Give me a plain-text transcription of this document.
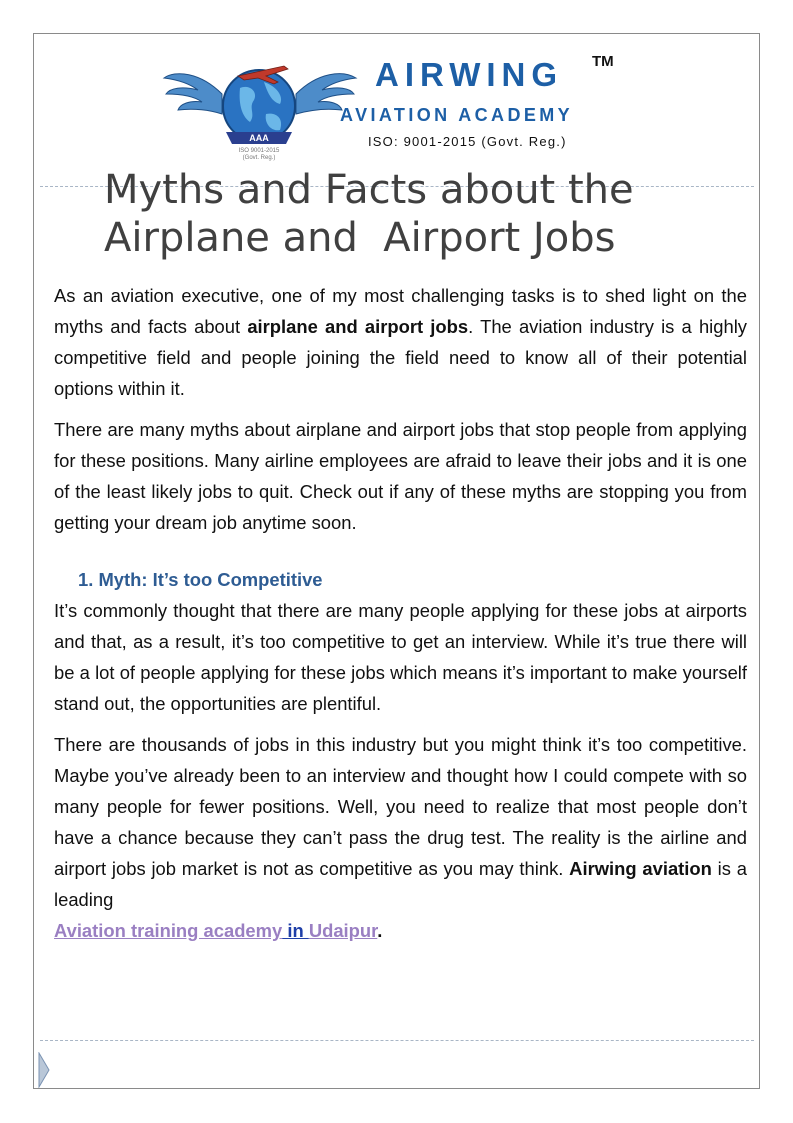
AAA
ISO 9001-2015
(Govt. Reg.)
AIRWING TM
AVIATION ACADEMY
ISO: 9001-2015 (Govt. Reg.)
Myths and Facts about the
Airplane and  Airport Jobs

As an aviation executive, one of my most challenging tasks is to shed light on the myths and facts about airplane and airport jobs. The aviation industry is a highly competitive field and people joining the field need to know all of their potential options within it.

There are many myths about airplane and airport jobs that stop people from applying for these positions. Many airline employees are afraid to leave their jobs and it is one of the least likely jobs to quit. Check out if any of these myths are stopping you from getting your dream job anytime soon.

1. Myth: It’s too Competitive

It’s commonly thought that there are many people applying for these jobs at airports and that, as a result, it’s too competitive to get an interview. While it’s true there will be a lot of people applying for these jobs which means it’s important to make yourself stand out, the opportunities are plentiful.

There are thousands of jobs in this industry but you might think it’s too competitive. Maybe you’ve already been to an interview and thought how I could compete with so many people for fewer positions. Well, you need to realize that most people don’t have a chance because they can’t pass the drug test. The reality is the airline and airport jobs job market is not as competitive as you may think. Airwing aviation is a leading
Aviation training academy in Udaipur.
